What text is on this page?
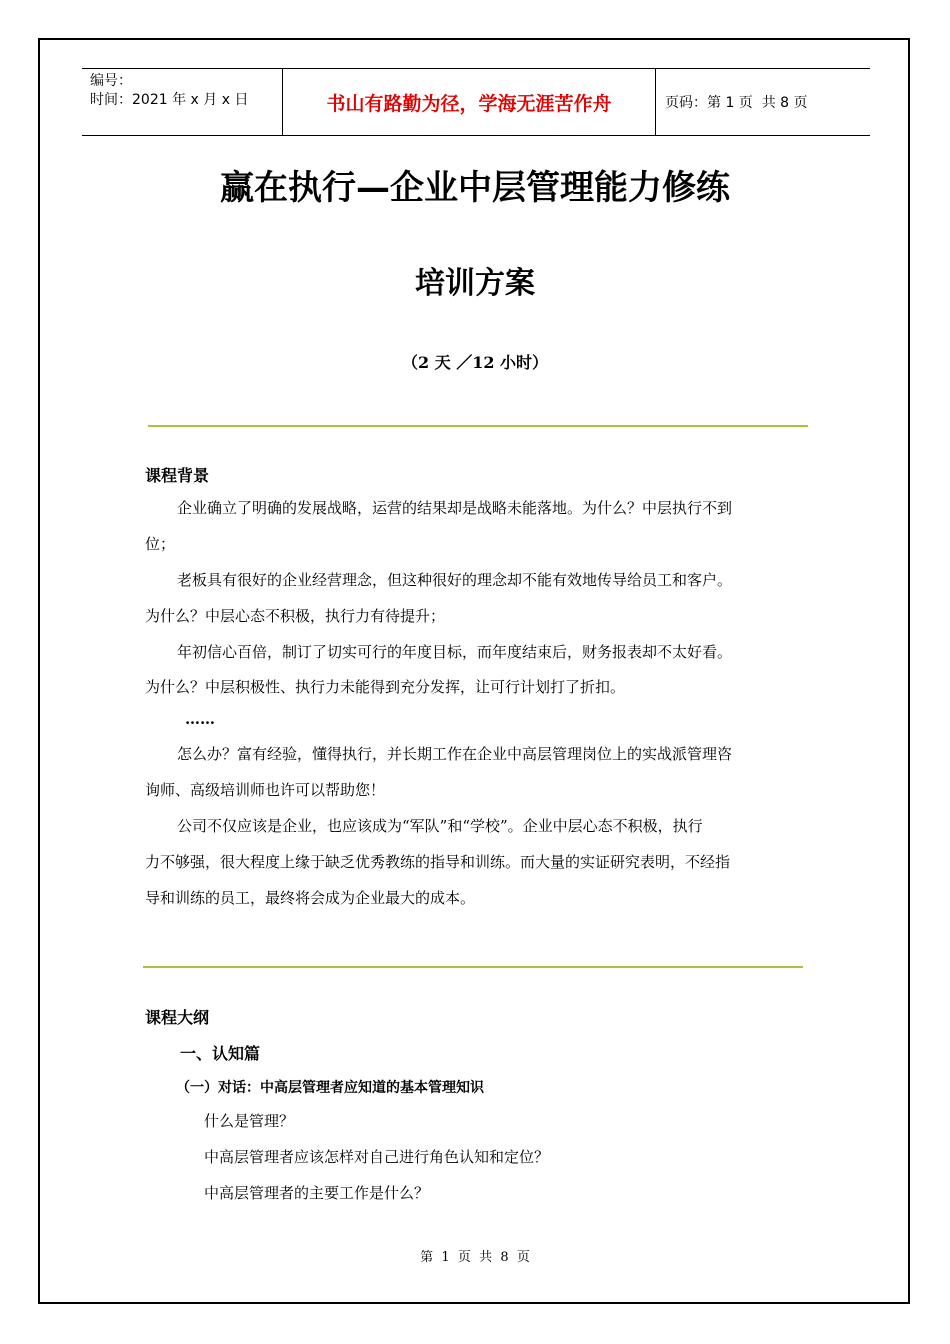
编号：
时间：2021 年 x 月 x 日	书山有路勤为径，学海无涯苦作舟	页码：第 1 页  共 8 页
赢在执行—企业中层管理能力修练
培训方案
（2 天 ／12 小时）
课程背景
企业确立了明确的发展战略，运营的结果却是战略未能落地。为什么？中层执行不到
位；
老板具有很好的企业经营理念，但这种很好的理念却不能有效地传导给员工和客户。
为什么？中层心态不积极，执行力有待提升；
年初信心百倍，制订了切实可行的年度目标，而年度结束后，财务报表却不太好看。
为什么？中层积极性、执行力未能得到充分发挥，让可行计划打了折扣。
……
怎么办？富有经验，懂得执行，并长期工作在企业中高层管理岗位上的实战派管理咨
询师、高级培训师也许可以帮助您！
公司不仅应该是企业，也应该成为“军队”和“学校”。企业中层心态不积极，执行
力不够强，很大程度上缘于缺乏优秀教练的指导和训练。而大量的实证研究表明，不经指
导和训练的员工，最终将会成为企业最大的成本。
课程大纲
一、认知篇
（一）对话：中高层管理者应知道的基本管理知识
什么是管理？
中高层管理者应该怎样对自己进行角色认知和定位？
中高层管理者的主要工作是什么？
第  1  页  共  8  页
